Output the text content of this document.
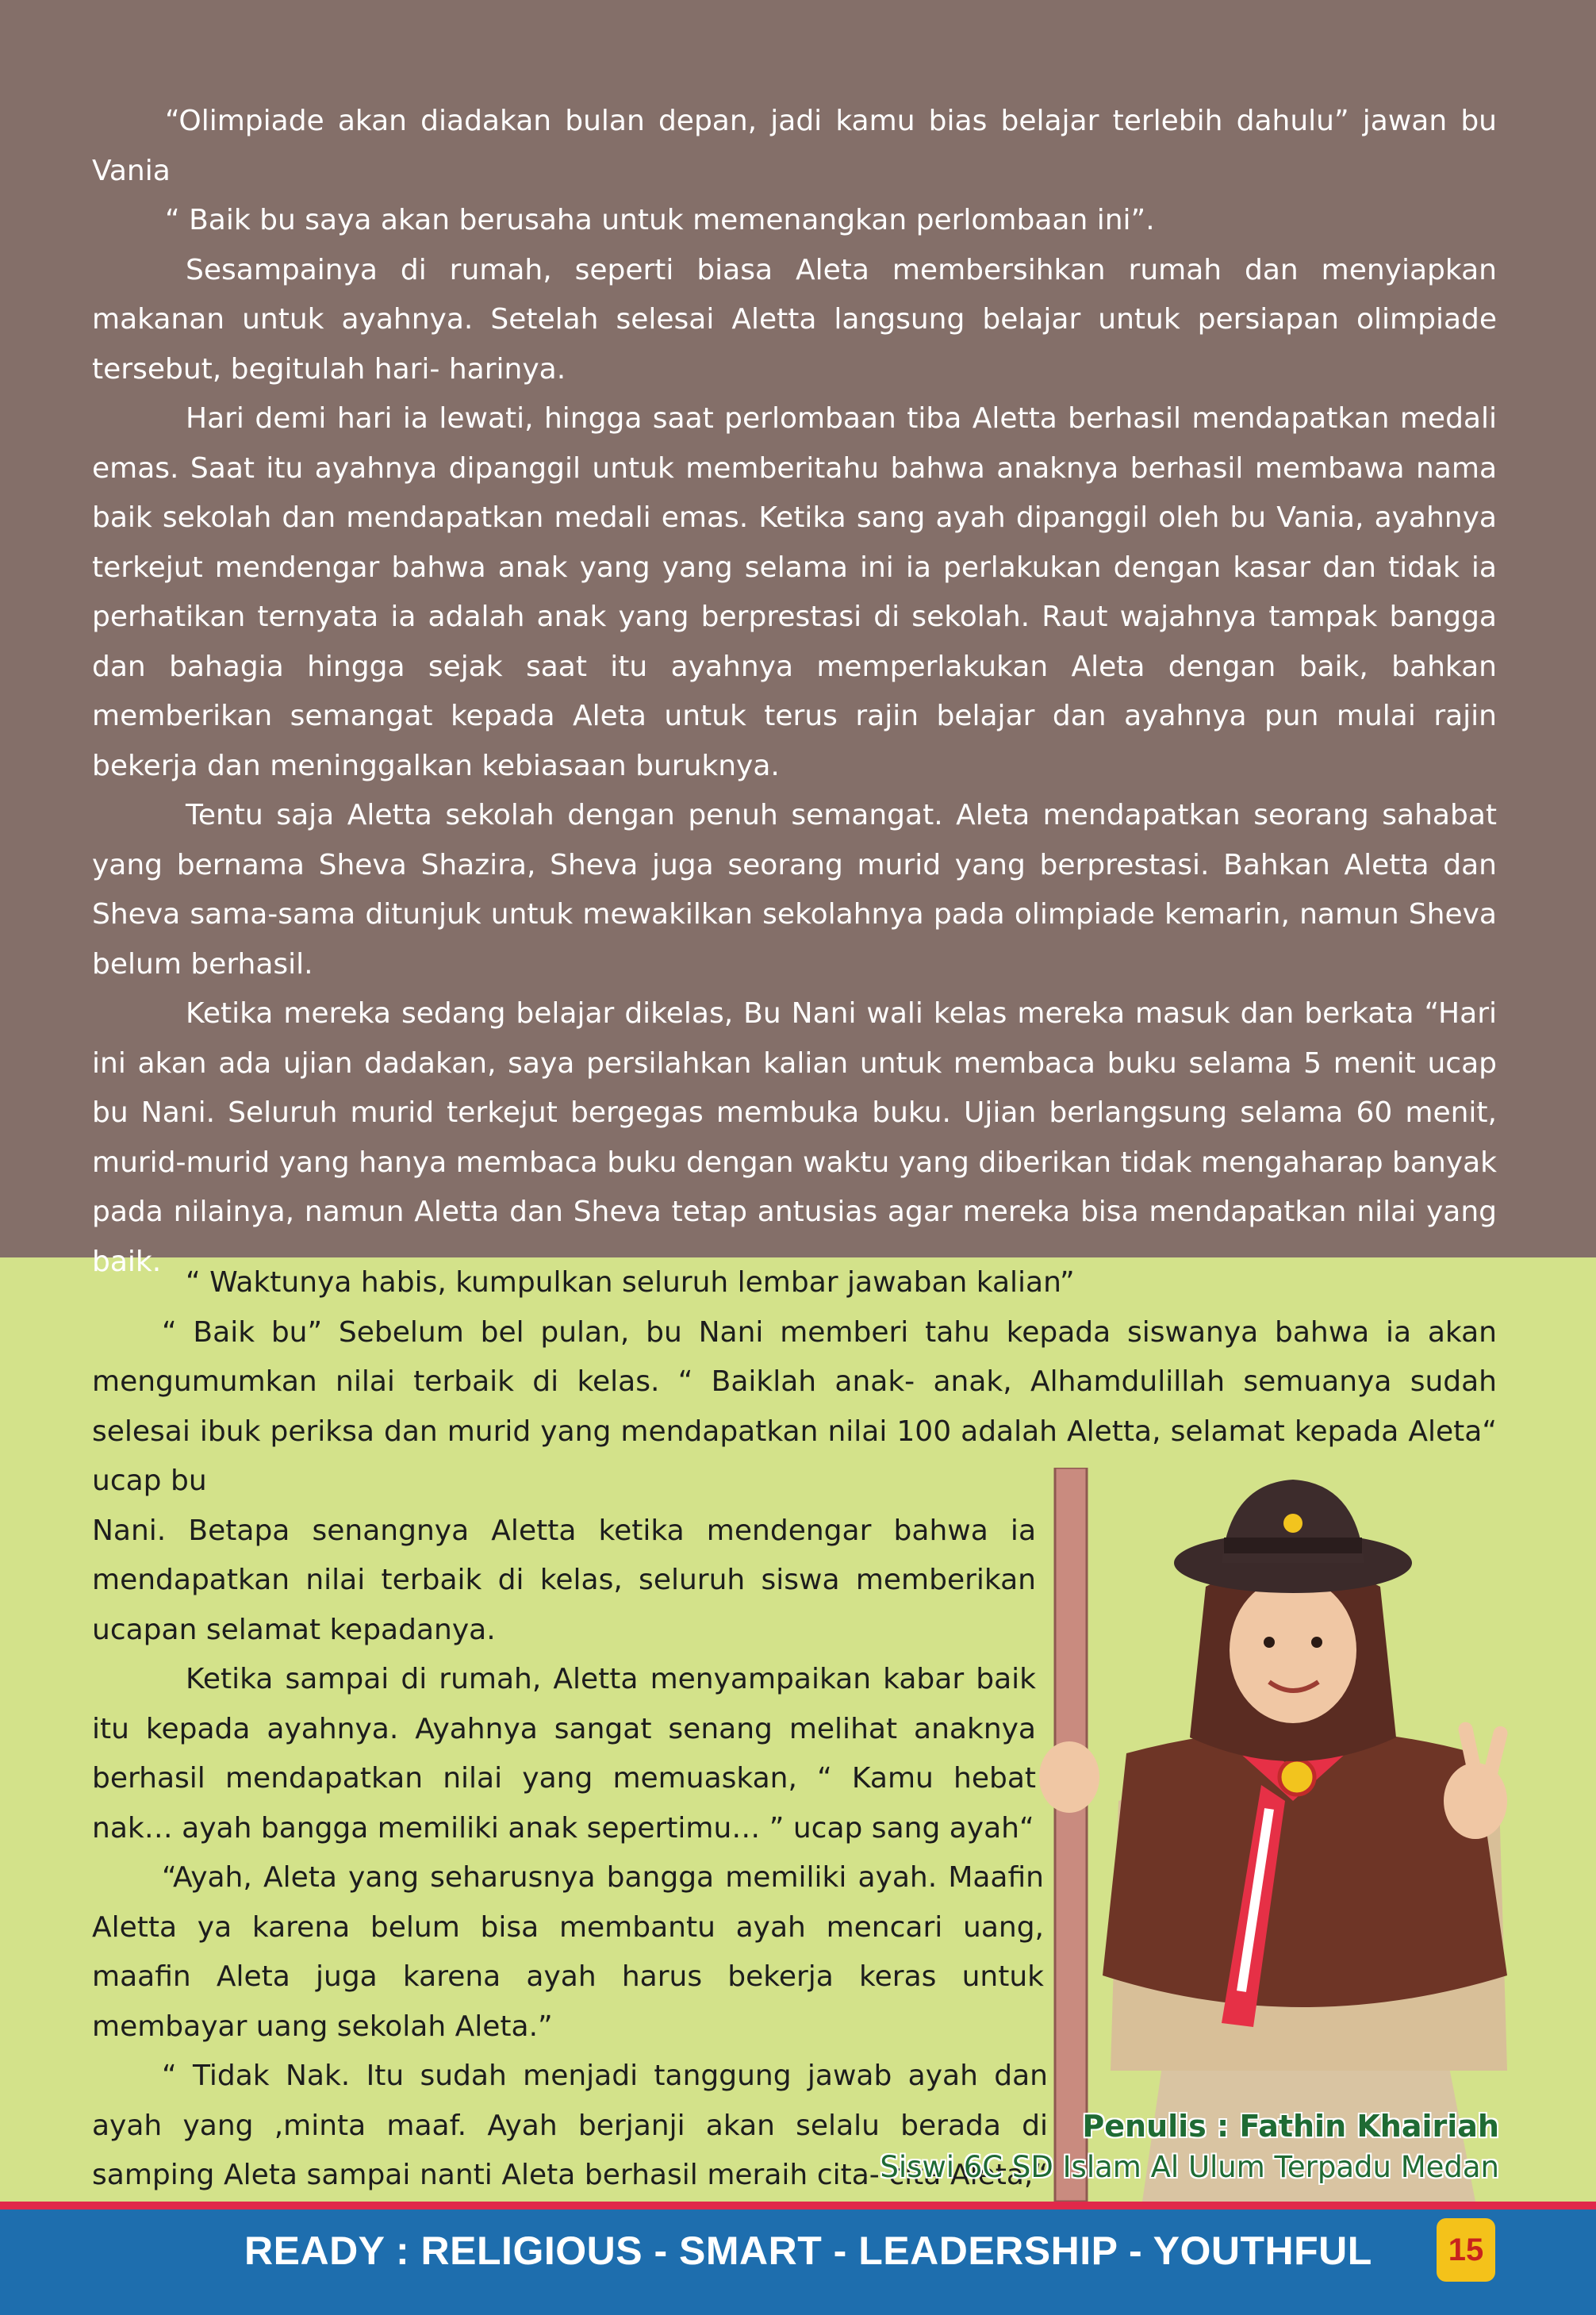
“Olimpiade akan diadakan bulan depan, jadi kamu bias belajar terlebih dahulu” jawan bu Vania

“ Baik bu saya akan berusaha untuk memenangkan perlombaan ini”.

Sesampainya di rumah, seperti biasa Aleta membersihkan rumah dan menyiapkan makanan untuk ayahnya. Setelah selesai Aletta langsung belajar untuk persiapan olimpiade tersebut, begitulah hari- harinya.

Hari demi hari ia lewati, hingga saat perlombaan tiba Aletta berhasil mendapatkan medali emas. Saat itu ayahnya dipanggil untuk memberitahu bahwa anaknya berhasil membawa nama baik sekolah dan mendapatkan medali emas. Ketika sang ayah dipanggil oleh bu Vania, ayahnya terkejut mendengar bahwa anak yang yang selama ini ia perlakukan dengan kasar dan tidak ia perhatikan ternyata ia adalah anak yang berprestasi di sekolah. Raut wajahnya tampak bangga dan bahagia hingga sejak saat itu ayahnya memperlakukan Aleta dengan baik, bahkan memberikan semangat kepada Aleta untuk terus rajin belajar dan ayahnya pun mulai rajin bekerja dan meninggalkan kebiasaan buruknya.

Tentu saja Aletta sekolah dengan penuh semangat. Aleta mendapatkan seorang sahabat yang bernama Sheva Shazira, Sheva juga seorang murid yang berprestasi. Bahkan Aletta dan Sheva sama-sama ditunjuk untuk mewakilkan sekolahnya pada olimpiade kemarin, namun Sheva belum berhasil.

Ketika mereka sedang belajar dikelas, Bu Nani wali kelas mereka masuk dan berkata “Hari ini akan ada ujian dadakan, saya persilahkan kalian untuk membaca buku selama 5 menit ucap bu Nani. Seluruh murid terkejut bergegas membuka buku. Ujian berlangsung selama 60 menit, murid-murid yang hanya membaca buku dengan waktu yang diberikan tidak mengaharap banyak pada nilainya, namun Aletta dan Sheva tetap antusias agar mereka bisa mendapatkan nilai yang baik.

“ Waktunya habis, kumpulkan seluruh lembar jawaban kalian”

“ Baik bu” Sebelum bel pulan, bu Nani memberi tahu kepada siswanya bahwa ia akan mengumumkan nilai terbaik di kelas. “ Baiklah anak- anak, Alhamdulillah semuanya sudah selesai ibuk periksa dan murid yang mendapatkan nilai 100 adalah Aletta, selamat kepada Aleta“ ucap bu

Nani. Betapa senangnya Aletta ketika mendengar bahwa ia mendapatkan nilai terbaik di kelas, seluruh siswa memberikan ucapan selamat kepadanya.

Ketika sampai di rumah, Aletta menyampaikan kabar baik itu kepada ayahnya. Ayahnya sangat senang melihat anaknya berhasil mendapatkan nilai yang memuaskan, “ Kamu hebat nak… ayah bangga memiliki anak sepertimu… ” ucap sang ayah“

“Ayah, Aleta yang seharusnya bangga memiliki ayah. Maafin Aletta ya karena belum bisa membantu ayah mencari uang, maafin Aleta juga karena ayah harus bekerja keras untuk membayar uang sekolah Aleta.”

“ Tidak Nak. Itu sudah menjadi tanggung jawab ayah dan ayah yang ,minta maaf. Ayah berjanji akan selalu berada di samping Aleta sampai nanti Aleta berhasil meraih cita- cita Aleta,“

Penulis : Fathin Khairiah
Siswi 6C SD Islam Al Ulum Terpadu Medan
READY : RELIGIOUS - SMART - LEADERSHIP - YOUTHFUL	15
